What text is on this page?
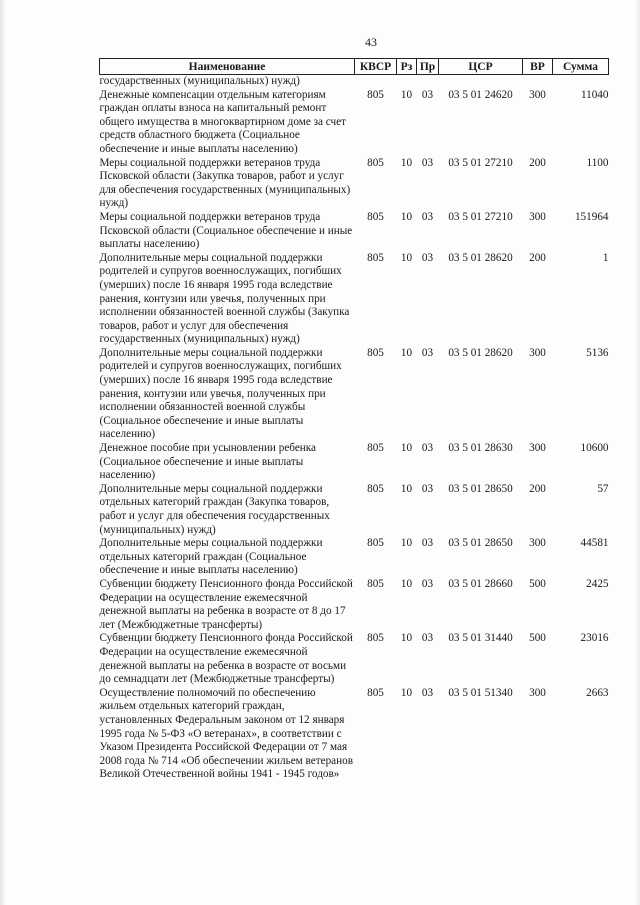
43
Наименование	КВСР	Рз	Пр	ЦСР	ВР	Сумма
государственных (муниципальных) нужд)						
Денежные компенсации отдельным категориям граждан оплаты взноса на капитальный ремонт общего имущества в многоквартирном доме за счет средств областного бюджета (Социальное обеспечение и иные выплаты населению)	805	10	03	03 5 01 24620	300	11040
Меры социальной поддержки ветеранов труда Псковской области (Закупка товаров, работ и услуг для обеспечения государственных (муниципальных) нужд)	805	10	03	03 5 01 27210	200	1100
Меры социальной поддержки ветеранов труда Псковской области (Социальное обеспечение и иные выплаты населению)	805	10	03	03 5 01 27210	300	151964
Дополнительные меры социальной поддержки родителей и супругов военнослужащих, погибших (умерших) после 16 января 1995 года вследствие ранения, контузии или увечья, полученных при исполнении обязанностей военной службы (Закупка товаров, работ и услуг для обеспечения государственных (муниципальных) нужд)	805	10	03	03 5 01 28620	200	1
Дополнительные меры социальной поддержки родителей и супругов военнослужащих, погибших (умерших) после 16 января 1995 года вследствие ранения, контузии или увечья, полученных при исполнении обязанностей военной службы (Социальное обеспечение и иные выплаты населению)	805	10	03	03 5 01 28620	300	5136
Денежное пособие при усыновлении ребенка (Социальное обеспечение и иные выплаты населению)	805	10	03	03 5 01 28630	300	10600
Дополнительные меры социальной поддержки отдельных категорий граждан (Закупка товаров, работ и услуг для обеспечения государственных (муниципальных) нужд)	805	10	03	03 5 01 28650	200	57
Дополнительные меры социальной поддержки отдельных категорий граждан (Социальное обеспечение и иные выплаты населению)	805	10	03	03 5 01 28650	300	44581
Субвенции бюджету Пенсионного фонда Российской Федерации на осуществление ежемесячной денежной выплаты на ребенка в возрасте от 8 до 17 лет (Межбюджетные трансферты)	805	10	03	03 5 01 28660	500	2425
Субвенции бюджету Пенсионного фонда Российской Федерации на осуществление ежемесячной денежной выплаты на ребенка в возрасте от восьми до семнадцати лет (Межбюджетные трансферты)	805	10	03	03 5 01 31440	500	23016
Осуществление полномочий по обеспечению жильем отдельных категорий граждан, установленных Федеральным законом от 12 января 1995 года № 5-ФЗ «О ветеранах», в соответствии с Указом Президента Российской Федерации от 7 мая 2008 года № 714 «Об обеспечении жильем ветеранов Великой Отечественной войны 1941 - 1945 годов»	805	10	03	03 5 01 51340	300	2663
